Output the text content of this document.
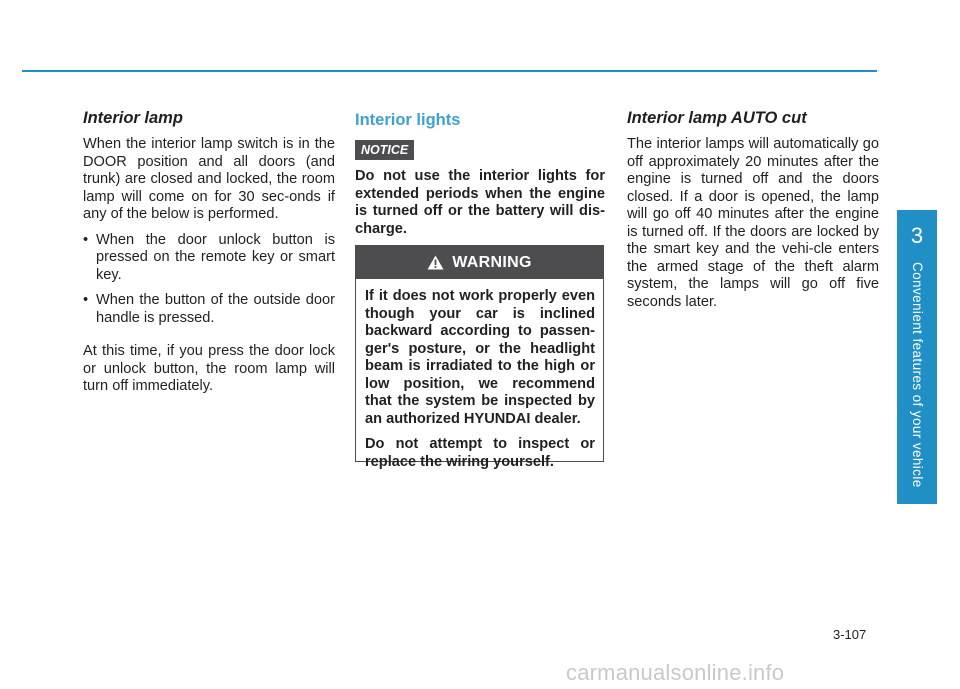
Interior lamp

When the interior lamp switch is in the DOOR position and all doors (and trunk) are closed and locked, the room lamp will come on for 30 sec-onds if any of the below is performed.

• When the door unlock button is pressed on the remote key or smart key.
• When the button of the outside door handle is pressed.

At this time, if you press the door lock or unlock button, the room lamp will turn off immediately.

Interior lights
NOTICE

Do not use the interior lights for extended periods when the engine is turned off or the battery will dis-charge.

WARNING

If it does not work properly even though your car is inclined backward according to passen-ger's posture, or the headlight beam is irradiated to the high or low position, we recommend that the system be inspected by an authorized HYUNDAI dealer.

Do not attempt to inspect or replace the wiring yourself.

Interior lamp AUTO cut

The interior lamps will automatically go off approximately 20 minutes after the engine is turned off and the doors closed. If a door is opened, the lamp will go off 40 minutes after the engine is turned off. If the doors are locked by the smart key and the vehi-cle enters the armed stage of the theft alarm system, the lamps will go off five seconds later.

3
Convenient features of your vehicle
3-107
carmanualsonline.info
